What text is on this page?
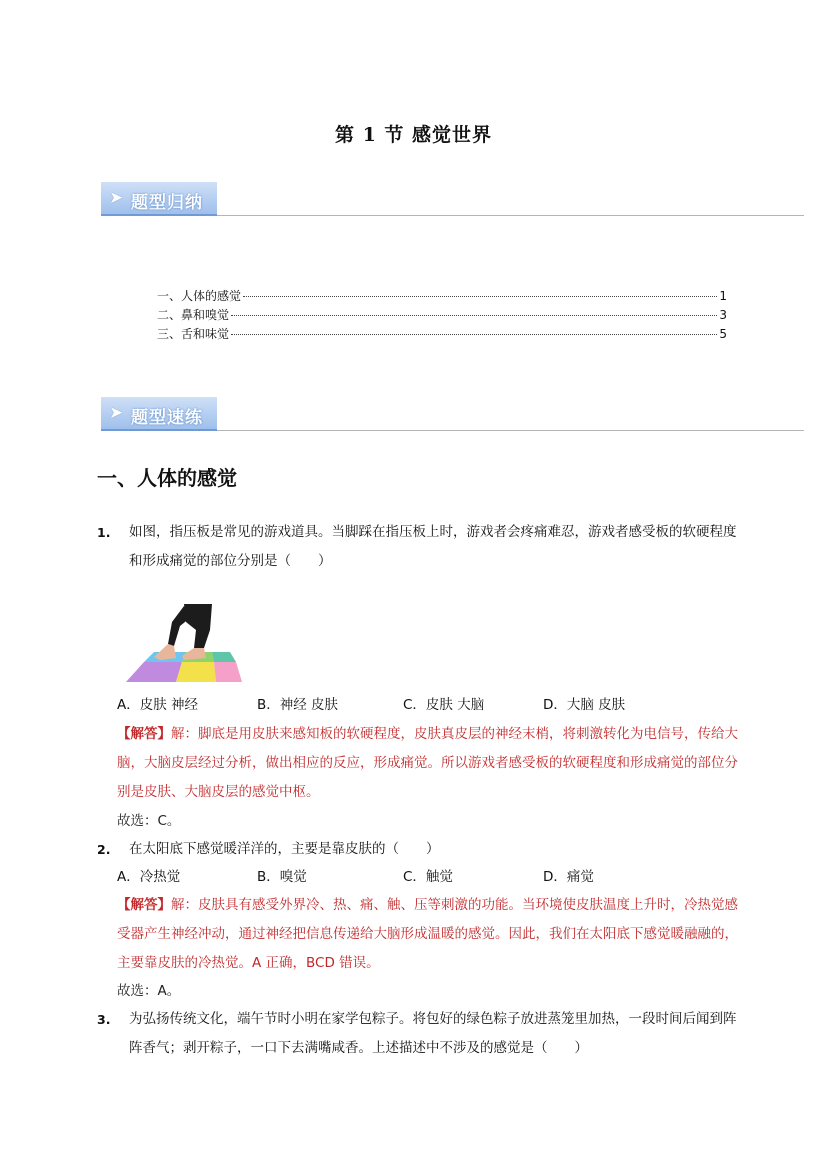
第 1 节 感觉世界
➤ 题型归纳
一、人体的感觉	1
二、鼻和嗅觉	3
三、舌和味觉	5
➤ 题型速练
一、人体的感觉
1. 如图，指压板是常见的游戏道具。当脚踩在指压板上时，游戏者会疼痛难忍，游戏者感受板的软硬程度和形成痛觉的部位分别是（　　）
A．皮肤 神经	B．神经 皮肤	C．皮肤 大脑	D．大脑 皮肤
【解答】解：脚底是用皮肤来感知板的软硬程度，皮肤真皮层的神经末梢，将刺激转化为电信号，传给大脑，大脑皮层经过分析，做出相应的反应，形成痛觉。所以游戏者感受板的软硬程度和形成痛觉的部位分别是皮肤、大脑皮层的感觉中枢。
故选：C。
2. 在太阳底下感觉暖洋洋的，主要是靠皮肤的（　　）
A．冷热觉	B．嗅觉	C．触觉	D．痛觉
【解答】解：皮肤具有感受外界冷、热、痛、触、压等刺激的功能。当环境使皮肤温度上升时，冷热觉感受器产生神经冲动，通过神经把信息传递给大脑形成温暖的感觉。因此，我们在太阳底下感觉暖融融的，主要靠皮肤的冷热觉。A 正确，BCD 错误。
故选：A。
3. 为弘扬传统文化，端午节时小明在家学包粽子。将包好的绿色粽子放进蒸笼里加热，一段时间后闻到阵阵香气；剥开粽子，一口下去满嘴咸香。上述描述中不涉及的感觉是（　　）
